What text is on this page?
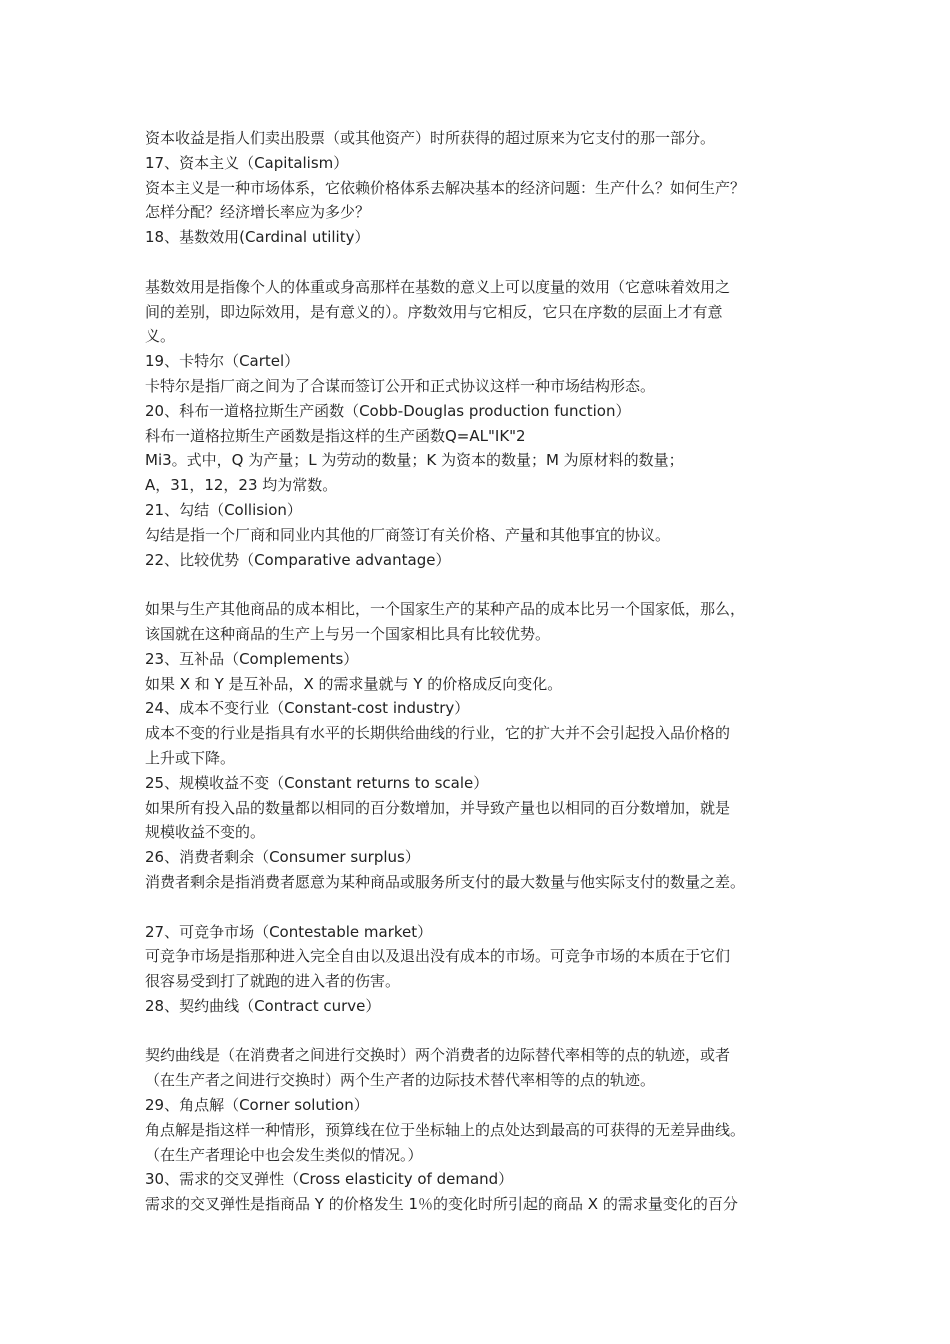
资本收益是指人们卖出股票（或其他资产）时所获得的超过原来为它支付的那一部分。
17、资本主义（Capitalism）
资本主义是一种市场体系，它依赖价格体系去解决基本的经济问题：生产什么？如何生产？
怎样分配？经济增长率应为多少？
18、基数效用(Cardinal utility）
基数效用是指像个人的体重或身高那样在基数的意义上可以度量的效用（它意味着效用之
间的差别，即边际效用，是有意义的）。序数效用与它相反，它只在序数的层面上才有意
义。
19、卡特尔（Cartel）
卡特尔是指厂商之间为了合谋而签订公开和正式协议这样一种市场结构形态。
20、科布一道格拉斯生产函数（Cobb-Douglas production function）
科布一道格拉斯生产函数是指这样的生产函数Q=AL"IK"2
Mi3。式中，Q 为产量；L 为劳动的数量；K 为资本的数量；M 为原材料的数量；
A，31，12，23 均为常数。
21、勾结（Collision）
勾结是指一个厂商和同业内其他的厂商签订有关价格、产量和其他事宜的协议。
22、比较优势（Comparative advantage）
如果与生产其他商品的成本相比，一个国家生产的某种产品的成本比另一个国家低，那么，
该国就在这种商品的生产上与另一个国家相比具有比较优势。
23、互补品（Complements）
如果 X 和 Y 是互补品，X 的需求量就与 Y 的价格成反向变化。
24、成本不变行业（Constant-cost industry）
成本不变的行业是指具有水平的长期供给曲线的行业，它的扩大并不会引起投入品价格的
上升或下降。
25、规模收益不变（Constant returns to scale）
如果所有投入品的数量都以相同的百分数增加，并导致产量也以相同的百分数增加，就是
规模收益不变的。
26、消费者剩余（Consumer surplus）
消费者剩余是指消费者愿意为某种商品或服务所支付的最大数量与他实际支付的数量之差。
27、可竞争市场（Contestable market）
可竞争市场是指那种进入完全自由以及退出没有成本的市场。可竞争市场的本质在于它们
很容易受到打了就跑的进入者的伤害。
28、契约曲线（Contract curve）
契约曲线是（在消费者之间进行交换时）两个消费者的边际替代率相等的点的轨迹，或者
（在生产者之间进行交换时）两个生产者的边际技术替代率相等的点的轨迹。
29、角点解（Corner solution）
角点解是指这样一种情形，预算线在位于坐标轴上的点处达到最高的可获得的无差异曲线。
（在生产者理论中也会发生类似的情况。）
30、需求的交叉弹性（Cross elasticity of demand）
需求的交叉弹性是指商品 Y 的价格发生 1％的变化时所引起的商品 X 的需求量变化的百分
